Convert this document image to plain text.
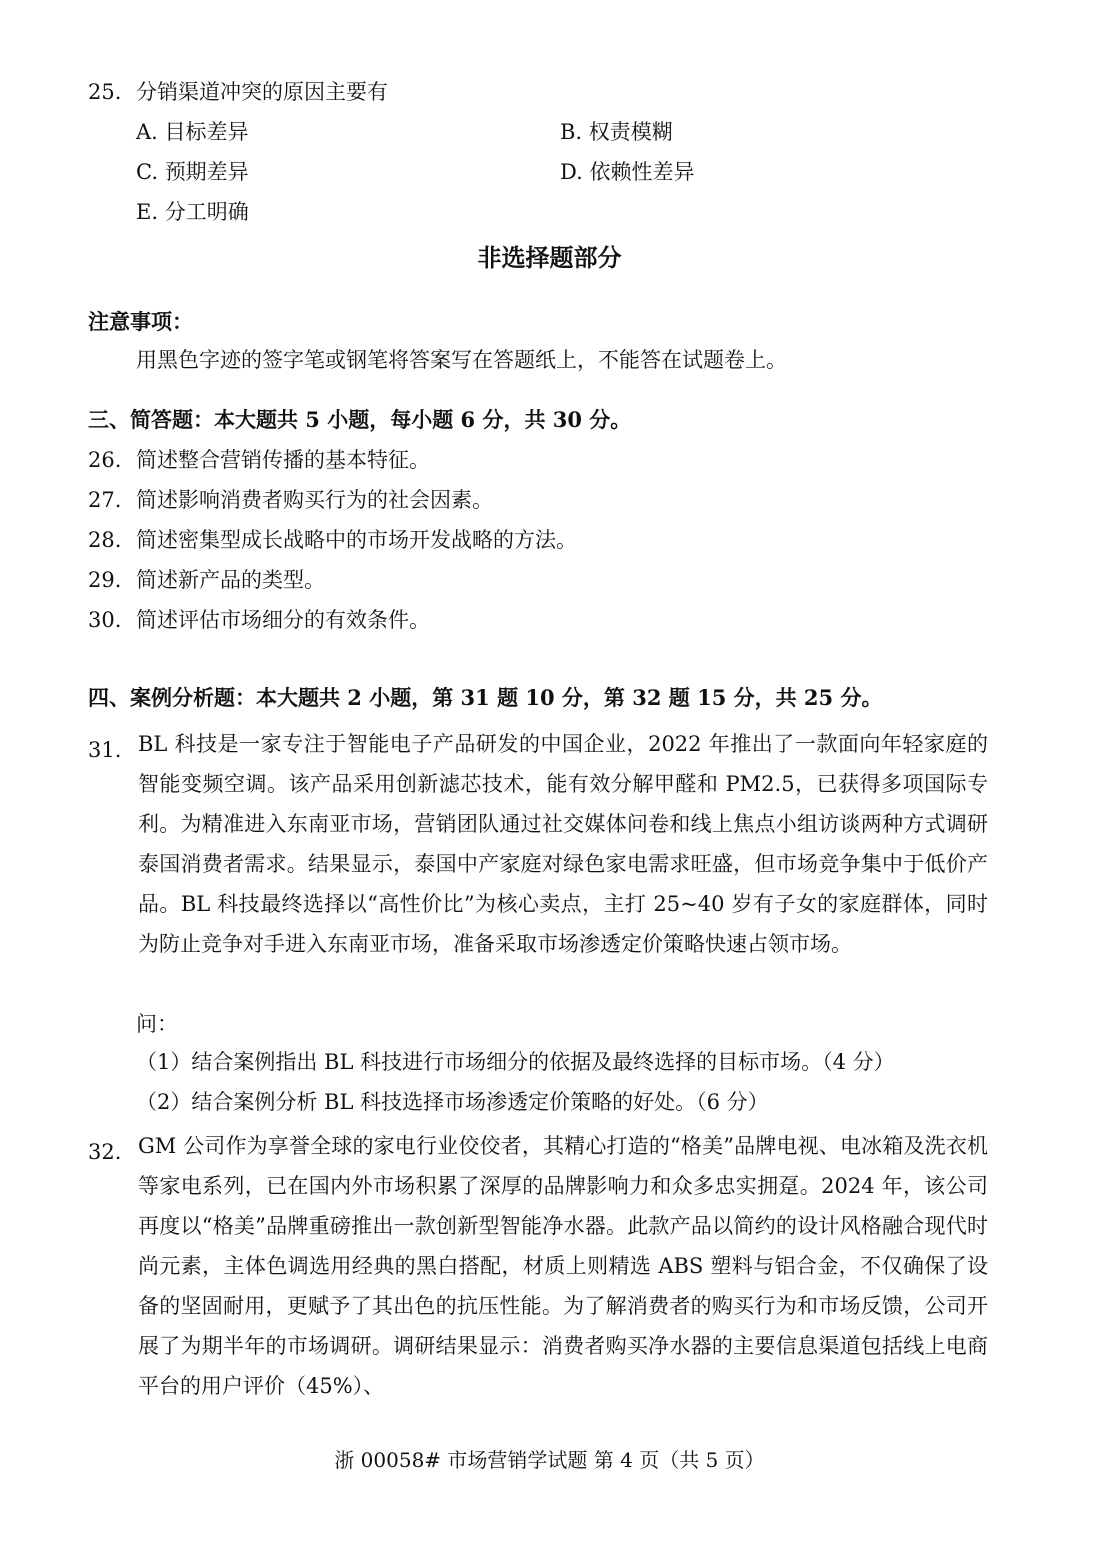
25. 分销渠道冲突的原因主要有
A. 目标差异	B. 权责模糊
C. 预期差异	D. 依赖性差异
E. 分工明确
非选择题部分
注意事项：
用黑色字迹的签字笔或钢笔将答案写在答题纸上，不能答在试题卷上。
三、简答题：本大题共 5 小题，每小题 6 分，共 30 分。
26. 简述整合营销传播的基本特征。
27. 简述影响消费者购买行为的社会因素。
28. 简述密集型成长战略中的市场开发战略的方法。
29. 简述新产品的类型。
30. 简述评估市场细分的有效条件。
四、案例分析题：本大题共 2 小题，第 31 题 10 分，第 32 题 15 分，共 25 分。
31. BL 科技是一家专注于智能电子产品研发的中国企业，2022 年推出了一款面向年轻家庭的智能变频空调。该产品采用创新滤芯技术，能有效分解甲醛和 PM2.5，已获得多项国际专利。为精准进入东南亚市场，营销团队通过社交媒体问卷和线上焦点小组访谈两种方式调研泰国消费者需求。结果显示，泰国中产家庭对绿色家电需求旺盛，但市场竞争集中于低价产品。BL 科技最终选择以“高性价比”为核心卖点，主打 25~40 岁有子女的家庭群体，同时为防止竞争对手进入东南亚市场，准备采取市场渗透定价策略快速占领市场。
问：
（1）结合案例指出 BL 科技进行市场细分的依据及最终选择的目标市场。（4 分）
（2）结合案例分析 BL 科技选择市场渗透定价策略的好处。（6 分）
32. GM 公司作为享誉全球的家电行业佼佼者，其精心打造的“格美”品牌电视、电冰箱及洗衣机等家电系列，已在国内外市场积累了深厚的品牌影响力和众多忠实拥趸。2024 年，该公司再度以“格美”品牌重磅推出一款创新型智能净水器。此款产品以简约的设计风格融合现代时尚元素，主体色调选用经典的黑白搭配，材质上则精选 ABS 塑料与铝合金，不仅确保了设备的坚固耐用，更赋予了其出色的抗压性能。为了解消费者的购买行为和市场反馈，公司开展了为期半年的市场调研。调研结果显示：消费者购买净水器的主要信息渠道包括线上电商平台的用户评价（45%）、
浙 00058# 市场营销学试题 第 4 页（共 5 页）
